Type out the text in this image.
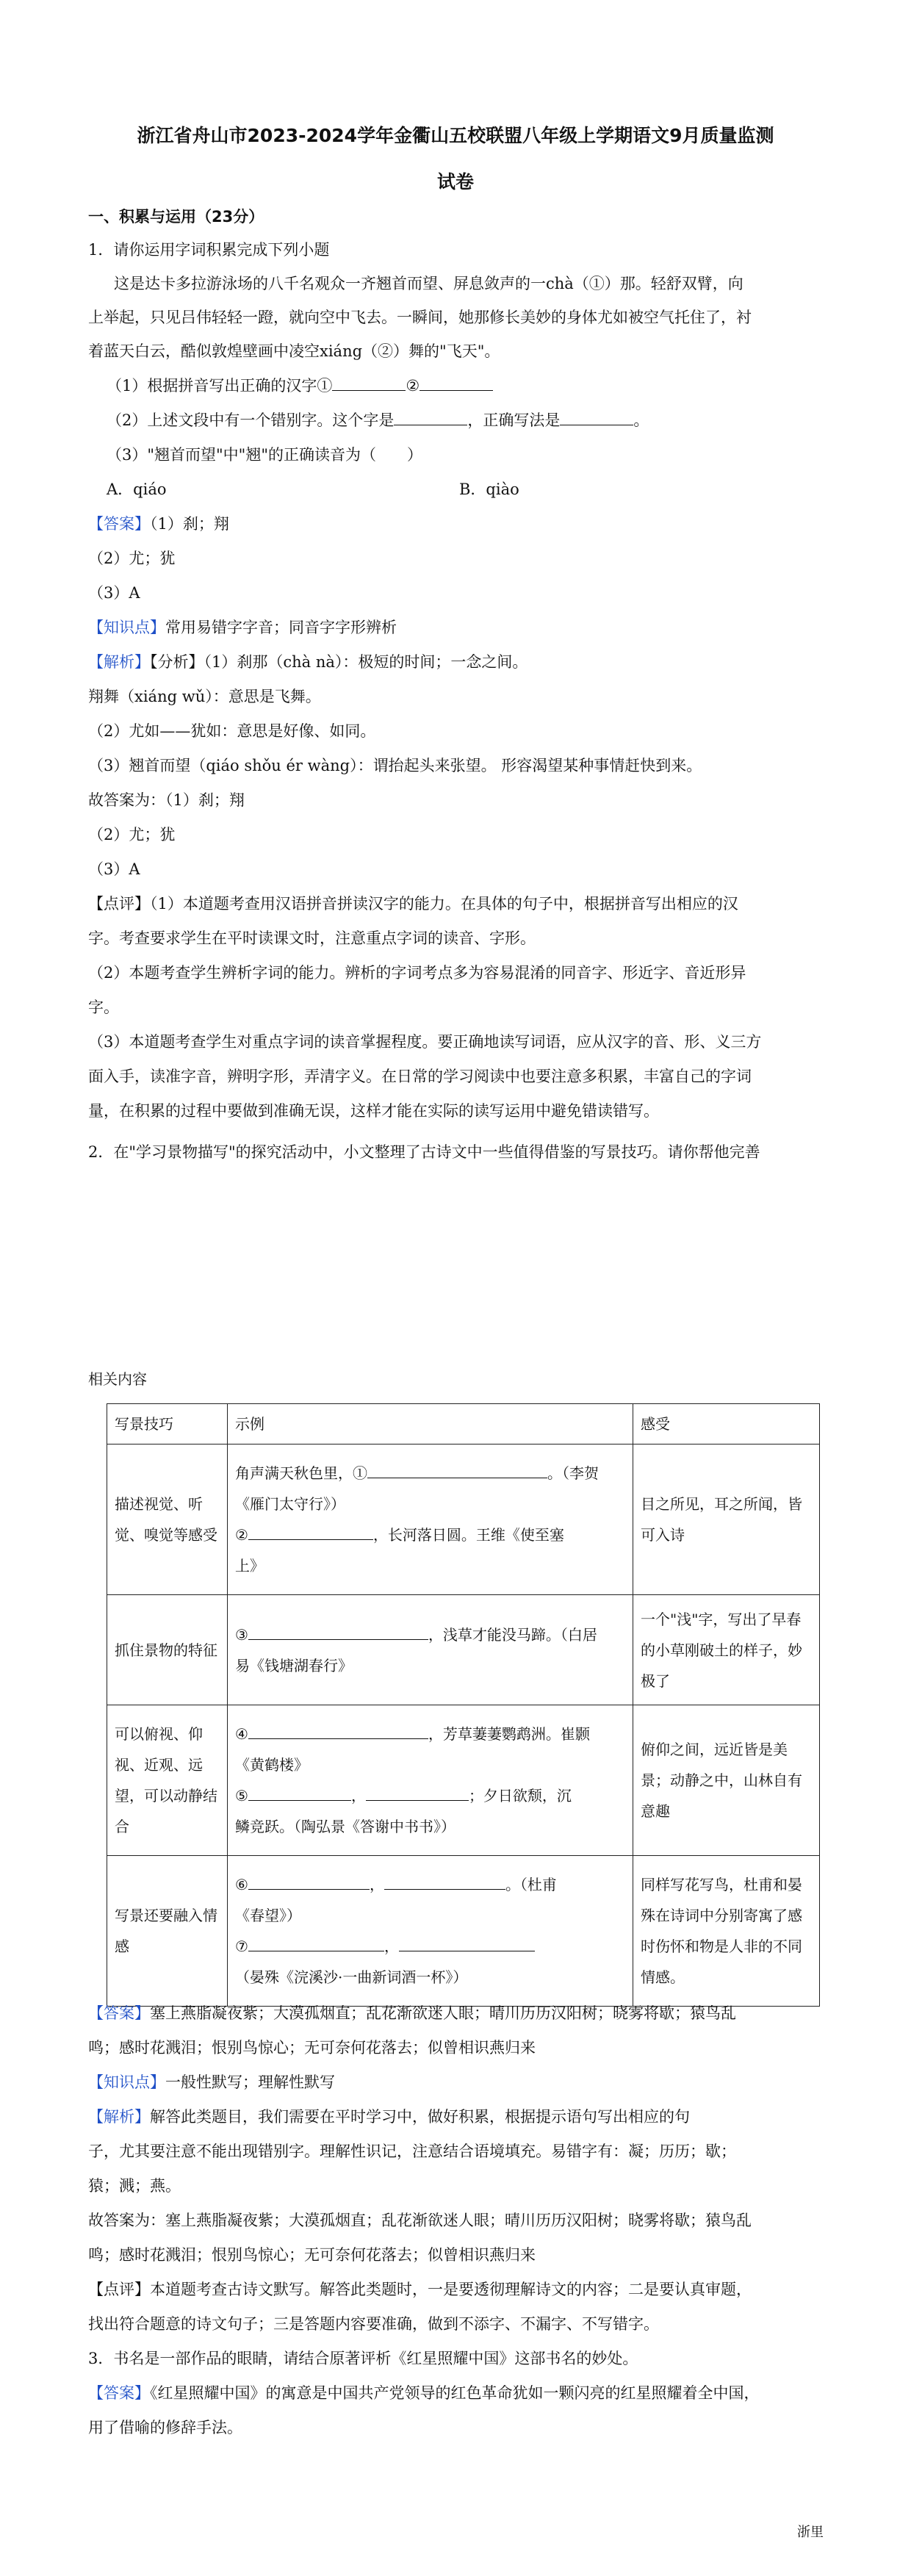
浙江省舟山市2023-2024学年金衢山五校联盟八年级上学期语文9月质量监测
试卷
一、积累与运用（23分）
1．请你运用字词积累完成下列小题
这是达卡多拉游泳场的八千名观众一齐翘首而望、屏息敛声的一chà（①）那。轻舒双臂，向
上举起，只见吕伟轻轻一蹬，就向空中飞去。一瞬间，她那修长美妙的身体尤如被空气托住了，衬
着蓝天白云，酷似敦煌壁画中凌空xiáng（②）舞的"飞天"。
（1）根据拼音写出正确的汉字①	②
（2）上述文段中有一个错别字。这个字是	，正确写法是	。
（3）"翘首而望"中"翘"的正确读音为（　　）
A．qiáo	B．qiào
【答案】（1）刹；翔
（2）尤；犹
（3）A
【知识点】常用易错字字音；同音字字形辨析
【解析】【分析】（1）刹那（chà nà）：极短的时间；一念之间。
翔舞（xiáng wǔ）：意思是飞舞。
（2）尤如——犹如：意思是好像、如同。
（3）翘首而望（qiáo shǒu ér wàng）：谓抬起头来张望。 形容渴望某种事情赶快到来。
故答案为：（1）刹；翔
（2）尤；犹
（3）A
【点评】（1）本道题考查用汉语拼音拼读汉字的能力。在具体的句子中，根据拼音写出相应的汉
字。考查要求学生在平时读课文时，注意重点字词的读音、字形。
（2）本题考查学生辨析字词的能力。辨析的字词考点多为容易混淆的同音字、形近字、音近形异
字。
（3）本道题考查学生对重点字词的读音掌握程度。要正确地读写词语，应从汉字的音、形、义三方
面入手，读准字音，辨明字形，弄清字义。在日常的学习阅读中也要注意多积累，丰富自己的字词
量，在积累的过程中要做到准确无误，这样才能在实际的读写运用中避免错读错写。
2．在"学习景物描写"的探究活动中，小文整理了古诗文中一些值得借鉴的写景技巧。请你帮他完善
相关内容
写景技巧	示例	感受
描述视觉、听觉、嗅觉等感受	角声满天秋色里，① 。（李贺
《雁门太守行》）
② ，长河落日圆。王维《使至塞
上》	目之所见，耳之所闻，皆可入诗
抓住景物的特征	③ ，浅草才能没马蹄。（白居
易《钱塘湖春行》	一个"浅"字，写出了早春的小草刚破土的样子，妙极了
可以俯视、仰视、近观、远望，可以动静结合	④ ，芳草萋萋鹦鹉洲。崔颢
《黄鹤楼》
⑤ ， ；夕日欲颓，沉
鳞竞跃。（陶弘景《答谢中书书》）	俯仰之间，远近皆是美景；动静之中，山林自有意趣
写景还要融入情感	⑥ ， 。（杜甫
《春望》）
⑦ ，
（晏殊《浣溪沙·一曲新词酒一杯》）	同样写花写鸟，杜甫和晏殊在诗词中分别寄寓了感时伤怀和物是人非的不同情感。
【答案】塞上燕脂凝夜紫；大漠孤烟直；乱花渐欲迷人眼；晴川历历汉阳树；晓雾将歇；猿鸟乱
鸣；感时花溅泪；恨别鸟惊心；无可奈何花落去；似曾相识燕归来
【知识点】一般性默写；理解性默写
【解析】解答此类题目，我们需要在平时学习中，做好积累，根据提示语句写出相应的句
子，尤其要注意不能出现错别字。理解性识记，注意结合语境填充。易错字有：凝；历历；歇；
猿；溅；燕。
故答案为：塞上燕脂凝夜紫；大漠孤烟直；乱花渐欲迷人眼；晴川历历汉阳树；晓雾将歇；猿鸟乱
鸣；感时花溅泪；恨别鸟惊心；无可奈何花落去；似曾相识燕归来
【点评】本道题考查古诗文默写。解答此类题时，一是要透彻理解诗文的内容；二是要认真审题，
找出符合题意的诗文句子；三是答题内容要准确，做到不添字、不漏字、不写错字。
3．书名是一部作品的眼睛，请结合原著评析《红星照耀中国》这部书名的妙处。
【答案】《红星照耀中国》的寓意是中国共产党领导的红色革命犹如一颗闪亮的红星照耀着全中国，
用了借喻的修辞手法。
浙里
